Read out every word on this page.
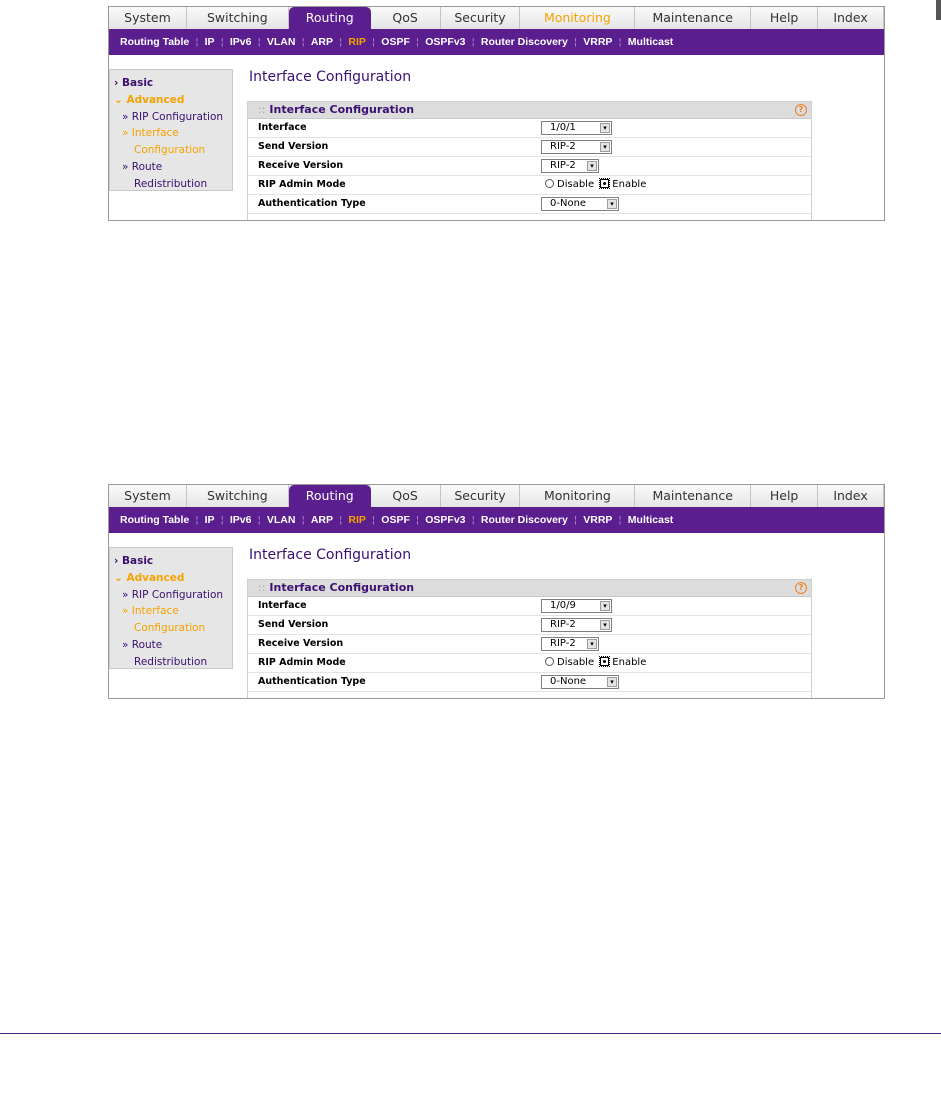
System	Switching	Routing	QoS	Security	Monitoring	Maintenance	Help	Index
Routing Table ¦ IP ¦ IPv6 ¦ VLAN ¦ ARP ¦ RIP ¦ OSPF ¦ OSPFv3 ¦ Router Discovery ¦ VRRP ¦ Multicast
› Basic
⌄ Advanced
» RIP Configuration
» Interface
Configuration
» Route
Redistribution
Interface Configuration
:: Interface Configuration	?
Interface	1/0/1	▾
Send Version	RIP-2	▾
Receive Version	RIP-2	▾
RIP Admin Mode	Disable Enable
Authentication Type	0-None	▾
System	Switching	Routing	QoS	Security	Monitoring	Maintenance	Help	Index
Routing Table ¦ IP ¦ IPv6 ¦ VLAN ¦ ARP ¦ RIP ¦ OSPF ¦ OSPFv3 ¦ Router Discovery ¦ VRRP ¦ Multicast
› Basic
⌄ Advanced
» RIP Configuration
» Interface
Configuration
» Route
Redistribution
Interface Configuration
:: Interface Configuration	?
Interface	1/0/9	▾
Send Version	RIP-2	▾
Receive Version	RIP-2	▾
RIP Admin Mode	Disable Enable
Authentication Type	0-None	▾
